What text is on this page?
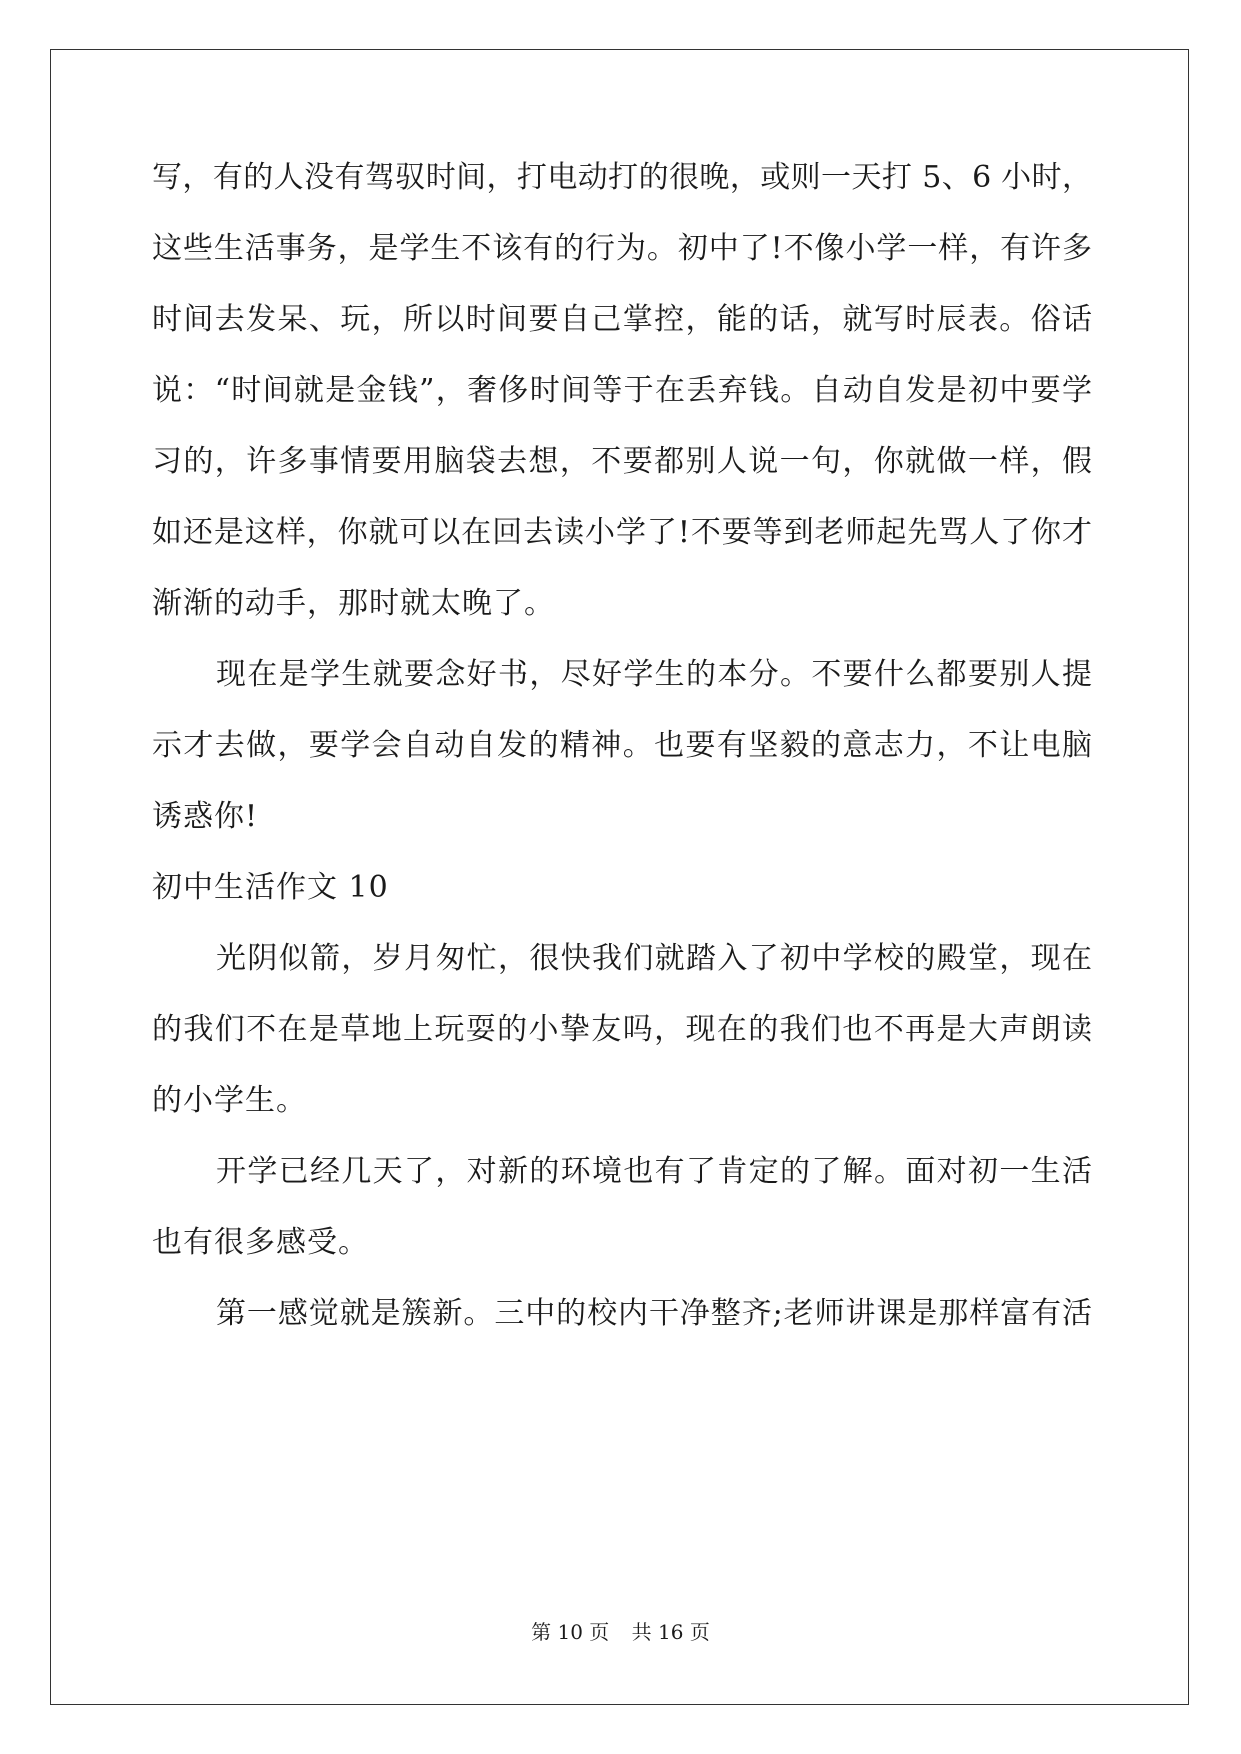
写，有的人没有驾驭时间，打电动打的很晚，或则一天打 5、6 小时，
这些生活事务，是学生不该有的行为。初中了!不像小学一样，有许多
时间去发呆、玩，所以时间要自己掌控，能的话，就写时辰表。俗话
说：“时间就是金钱”，奢侈时间等于在丢弃钱。自动自发是初中要学
习的，许多事情要用脑袋去想，不要都别人说一句，你就做一样，假
如还是这样，你就可以在回去读小学了!不要等到老师起先骂人了你才
渐渐的动手，那时就太晚了。
现在是学生就要念好书，尽好学生的本分。不要什么都要别人提
示才去做，要学会自动自发的精神。也要有坚毅的意志力，不让电脑
诱惑你!
初中生活作文 10
光阴似箭，岁月匆忙，很快我们就踏入了初中学校的殿堂，现在
的我们不在是草地上玩耍的小挚友吗，现在的我们也不再是大声朗读
的小学生。
开学已经几天了，对新的环境也有了肯定的了解。面对初一生活
也有很多感受。
第一感觉就是簇新。三中的校内干净整齐;老师讲课是那样富有活
第 10 页 共 16 页
